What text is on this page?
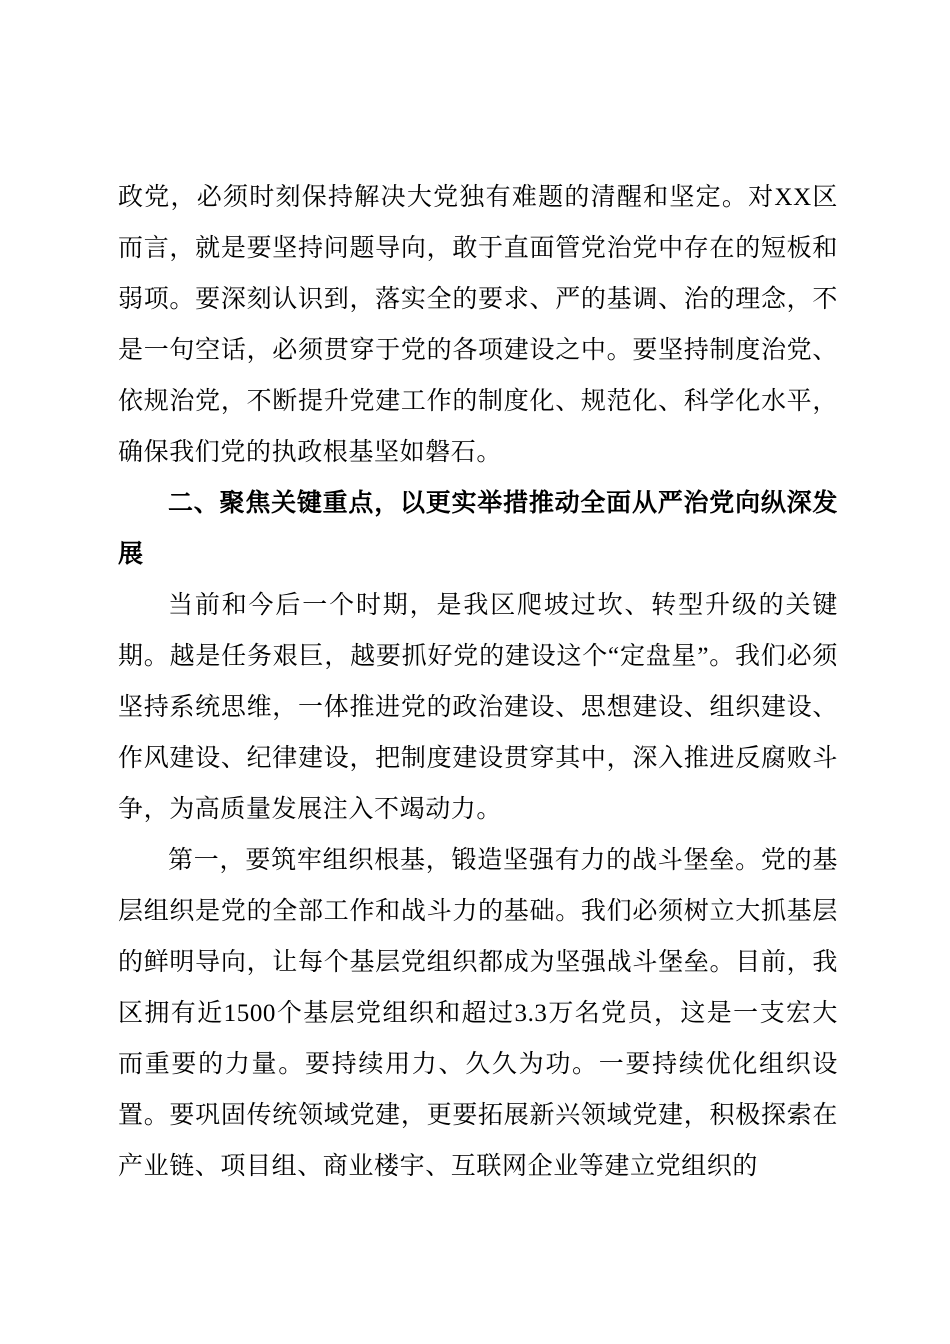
政党，必须时刻保持解决大党独有难题的清醒和坚定。对XX区而言，就是要坚持问题导向，敢于直面管党治党中存在的短板和弱项。要深刻认识到，落实全的要求、严的基调、治的理念，不是一句空话，必须贯穿于党的各项建设之中。要坚持制度治党、依规治党，不断提升党建工作的制度化、规范化、科学化水平，确保我们党的执政根基坚如磐石。

二、聚焦关键重点，以更实举措推动全面从严治党向纵深发展

当前和今后一个时期，是我区爬坡过坎、转型升级的关键期。越是任务艰巨，越要抓好党的建设这个“定盘星”。我们必须坚持系统思维，一体推进党的政治建设、思想建设、组织建设、作风建设、纪律建设，把制度建设贯穿其中，深入推进反腐败斗争，为高质量发展注入不竭动力。

第一，要筑牢组织根基，锻造坚强有力的战斗堡垒。党的基层组织是党的全部工作和战斗力的基础。我们必须树立大抓基层的鲜明导向，让每个基层党组织都成为坚强战斗堡垒。目前，我区拥有近1500个基层党组织和超过3.3万名党员，这是一支宏大而重要的力量。要持续用力、久久为功。一要持续优化组织设置。要巩固传统领域党建，更要拓展新兴领域党建，积极探索在产业链、项目组、商业楼宇、互联网企业等建立党组织的
